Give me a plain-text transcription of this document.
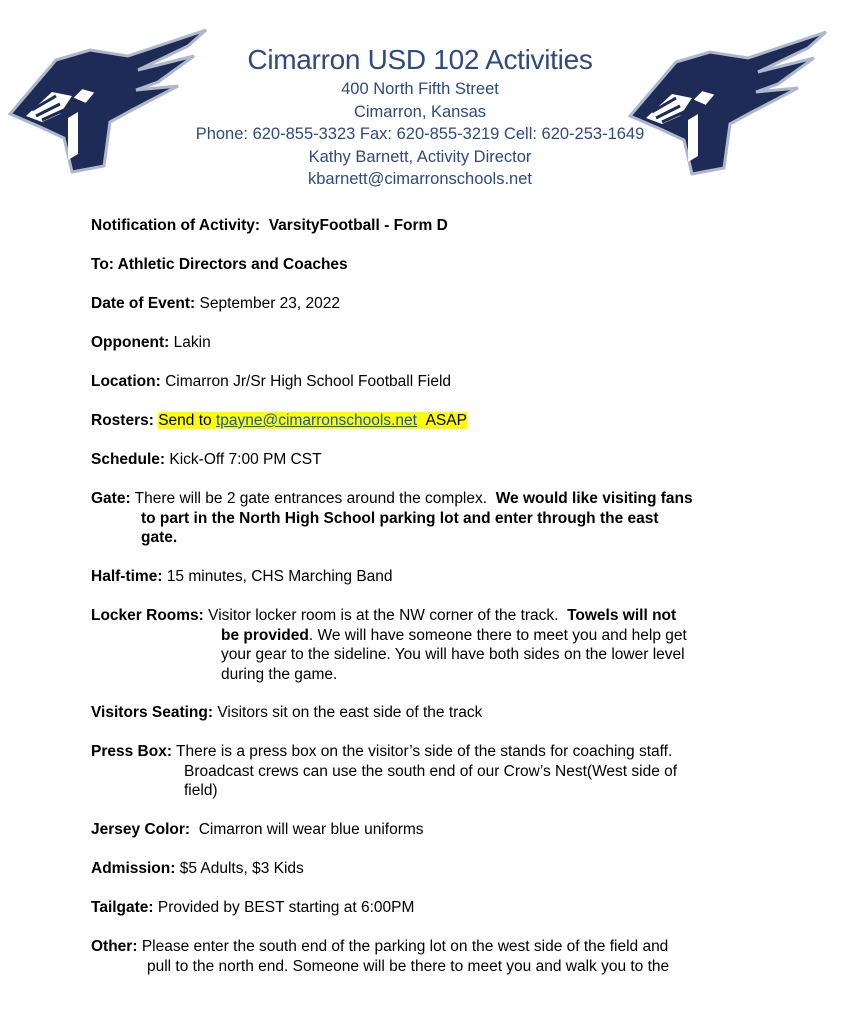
Cimarron USD 102 Activities
400 North Fifth Street
Cimarron, Kansas
Phone: 620-855-3323 Fax: 620-855-3219 Cell: 620-253-1649
Kathy Barnett, Activity Director
kbarnett@cimarronschools.net
Notification of Activity: VarsityFootball - Form D
To: Athletic Directors and Coaches
Date of Event: September 23, 2022
Opponent: Lakin
Location: Cimarron Jr/Sr High School Football Field
Rosters: Send to tpayne@cimarronschools.net ASAP
Schedule: Kick-Off 7:00 PM CST
Gate: There will be 2 gate entrances around the complex. We would like visiting fans
to part in the North High School parking lot and enter through the east
gate.
Half-time: 15 minutes, CHS Marching Band
Locker Rooms: Visitor locker room is at the NW corner of the track. Towels will not
be provided. We will have someone there to meet you and help get
your gear to the sideline. You will have both sides on the lower level
during the game.
Visitors Seating: Visitors sit on the east side of the track
Press Box: There is a press box on the visitor’s side of the stands for coaching staff.
Broadcast crews can use the south end of our Crow’s Nest(West side of
field)
Jersey Color: Cimarron will wear blue uniforms
Admission: $5 Adults, $3 Kids
Tailgate: Provided by BEST starting at 6:00PM
Other: Please enter the south end of the parking lot on the west side of the field and
pull to the north end. Someone will be there to meet you and walk you to the
